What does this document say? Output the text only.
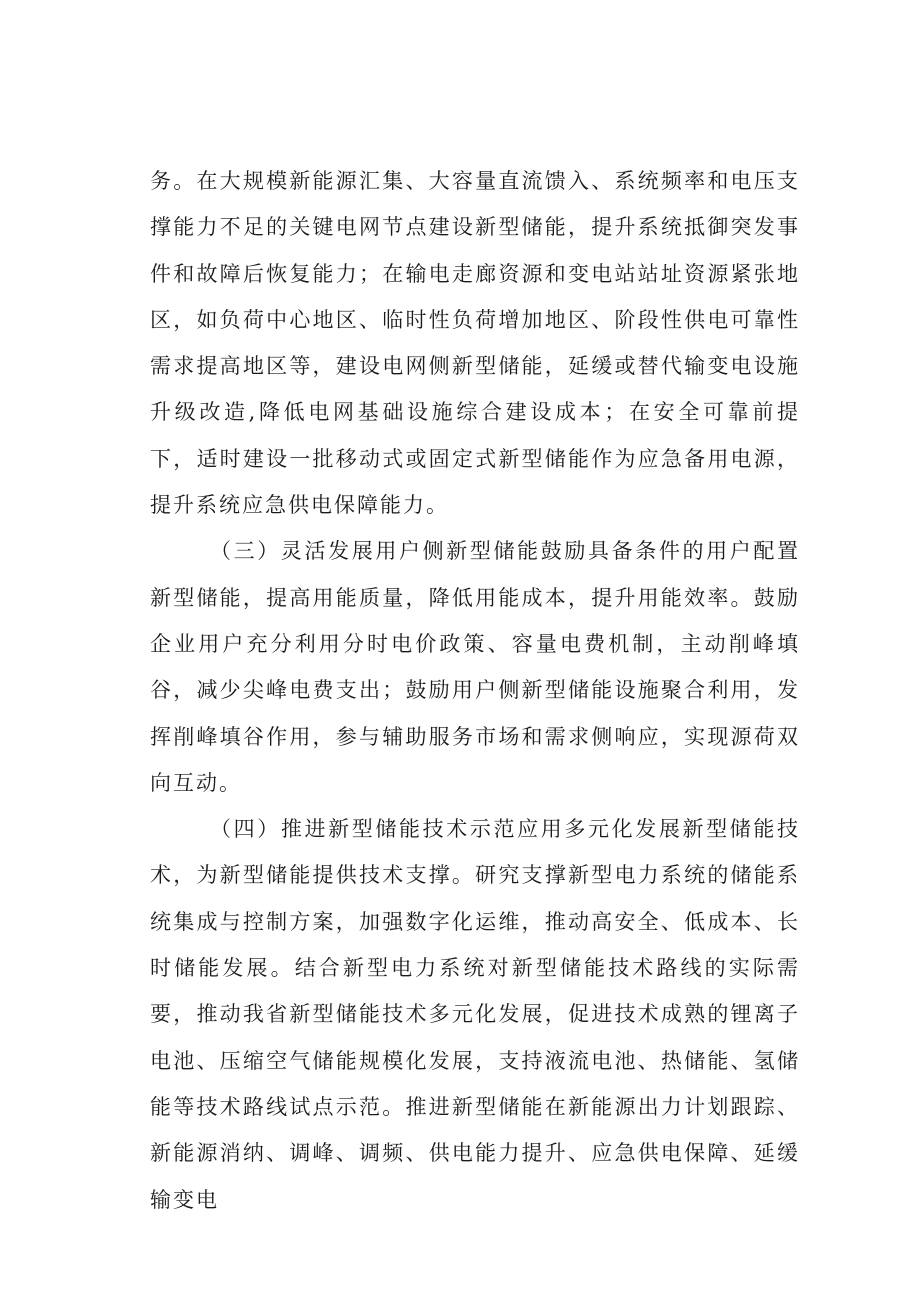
务。在大规模新能源汇集、大容量直流馈入、系统频率和电压支撑能力不足的关键电网节点建设新型储能，提升系统抵御突发事件和故障后恢复能力；在输电走廊资源和变电站站址资源紧张地区，如负荷中心地区、临时性负荷增加地区、阶段性供电可靠性需求提高地区等，建设电网侧新型储能，延缓或替代输变电设施升级改造,降低电网基础设施综合建设成本；在安全可靠前提下，适时建设一批移动式或固定式新型储能作为应急备用电源，提升系统应急供电保障能力。

（三）灵活发展用户侧新型储能鼓励具备条件的用户配置新型储能，提高用能质量，降低用能成本，提升用能效率。鼓励企业用户充分利用分时电价政策、容量电费机制，主动削峰填谷，减少尖峰电费支出；鼓励用户侧新型储能设施聚合利用，发挥削峰填谷作用，参与辅助服务市场和需求侧响应，实现源荷双向互动。

（四）推进新型储能技术示范应用多元化发展新型储能技术，为新型储能提供技术支撑。研究支撑新型电力系统的储能系统集成与控制方案，加强数字化运维，推动高安全、低成本、长时储能发展。结合新型电力系统对新型储能技术路线的实际需要，推动我省新型储能技术多元化发展，促进技术成熟的锂离子电池、压缩空气储能规模化发展，支持液流电池、热储能、氢储能等技术路线试点示范。推进新型储能在新能源出力计划跟踪、新能源消纳、调峰、调频、供电能力提升、应急供电保障、延缓输变电
